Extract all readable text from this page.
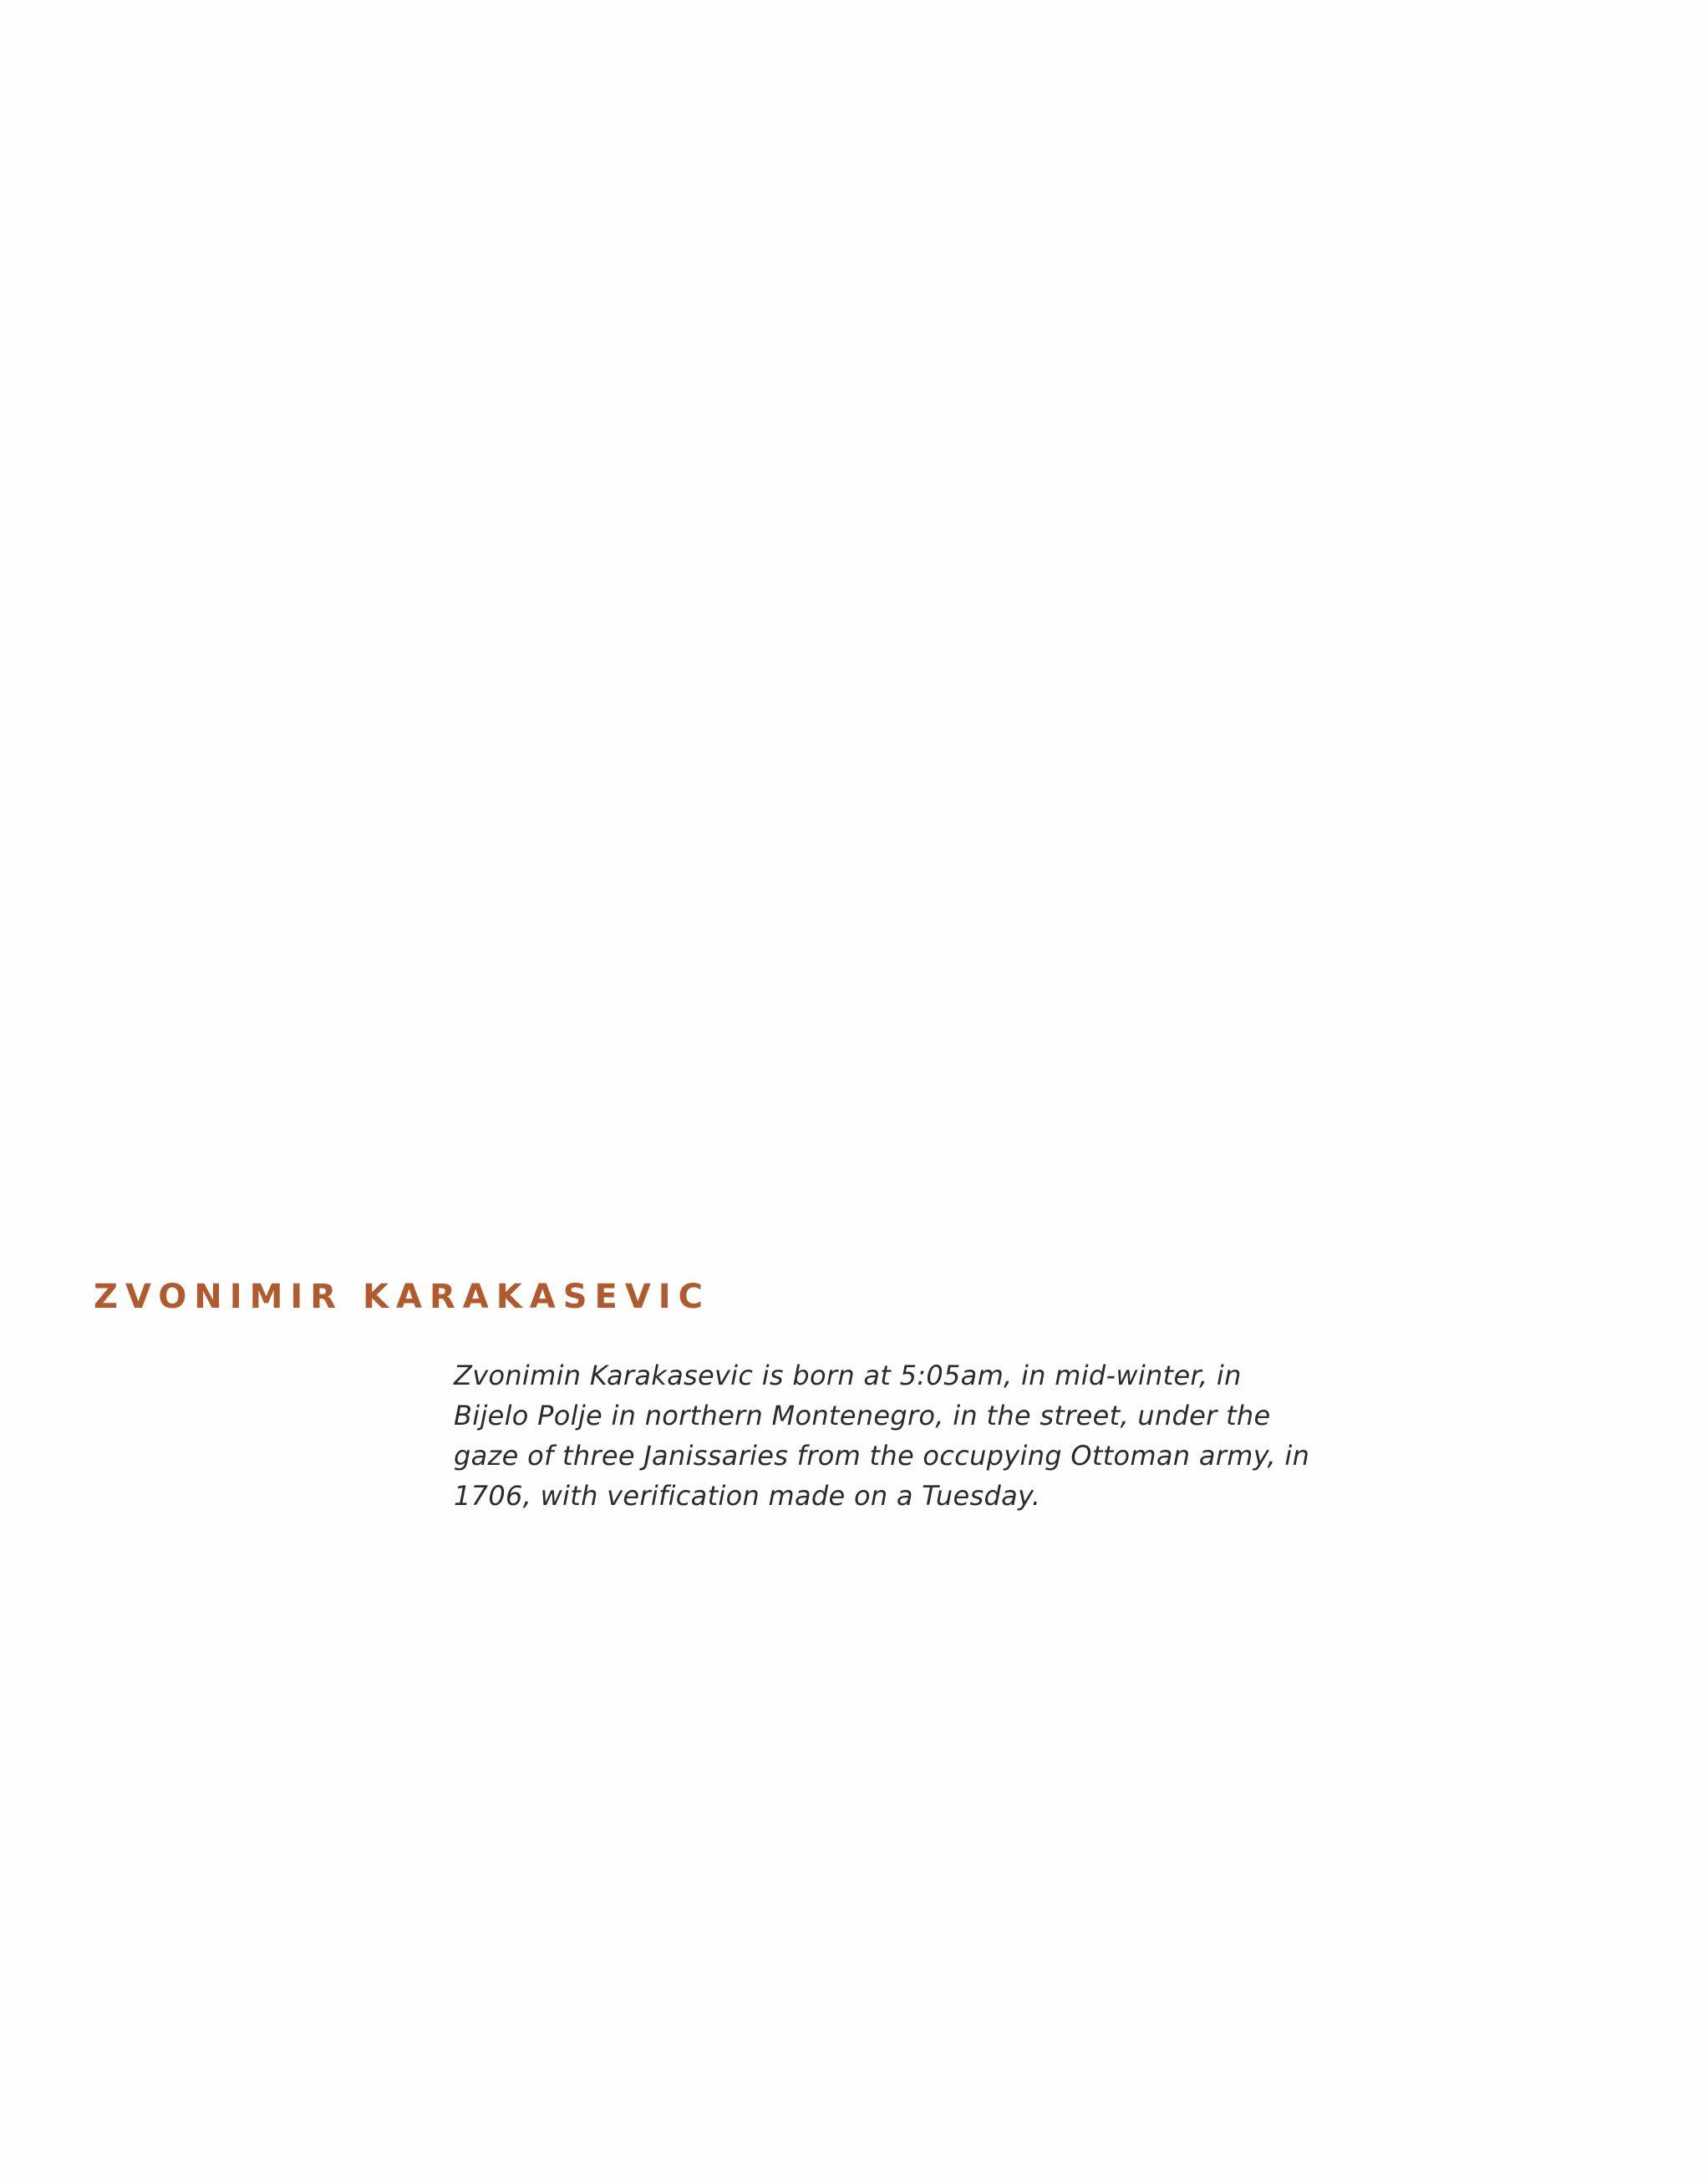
ZVONIMIR KARAKASEVIC

Zvonimin Karakasevic is born at 5:05am, in mid-winter, in
Bijelo Polje in northern Montenegro, in the street, under the
gaze of three Janissaries from the occupying Ottoman army, in
1706, with verification made on a Tuesday.
